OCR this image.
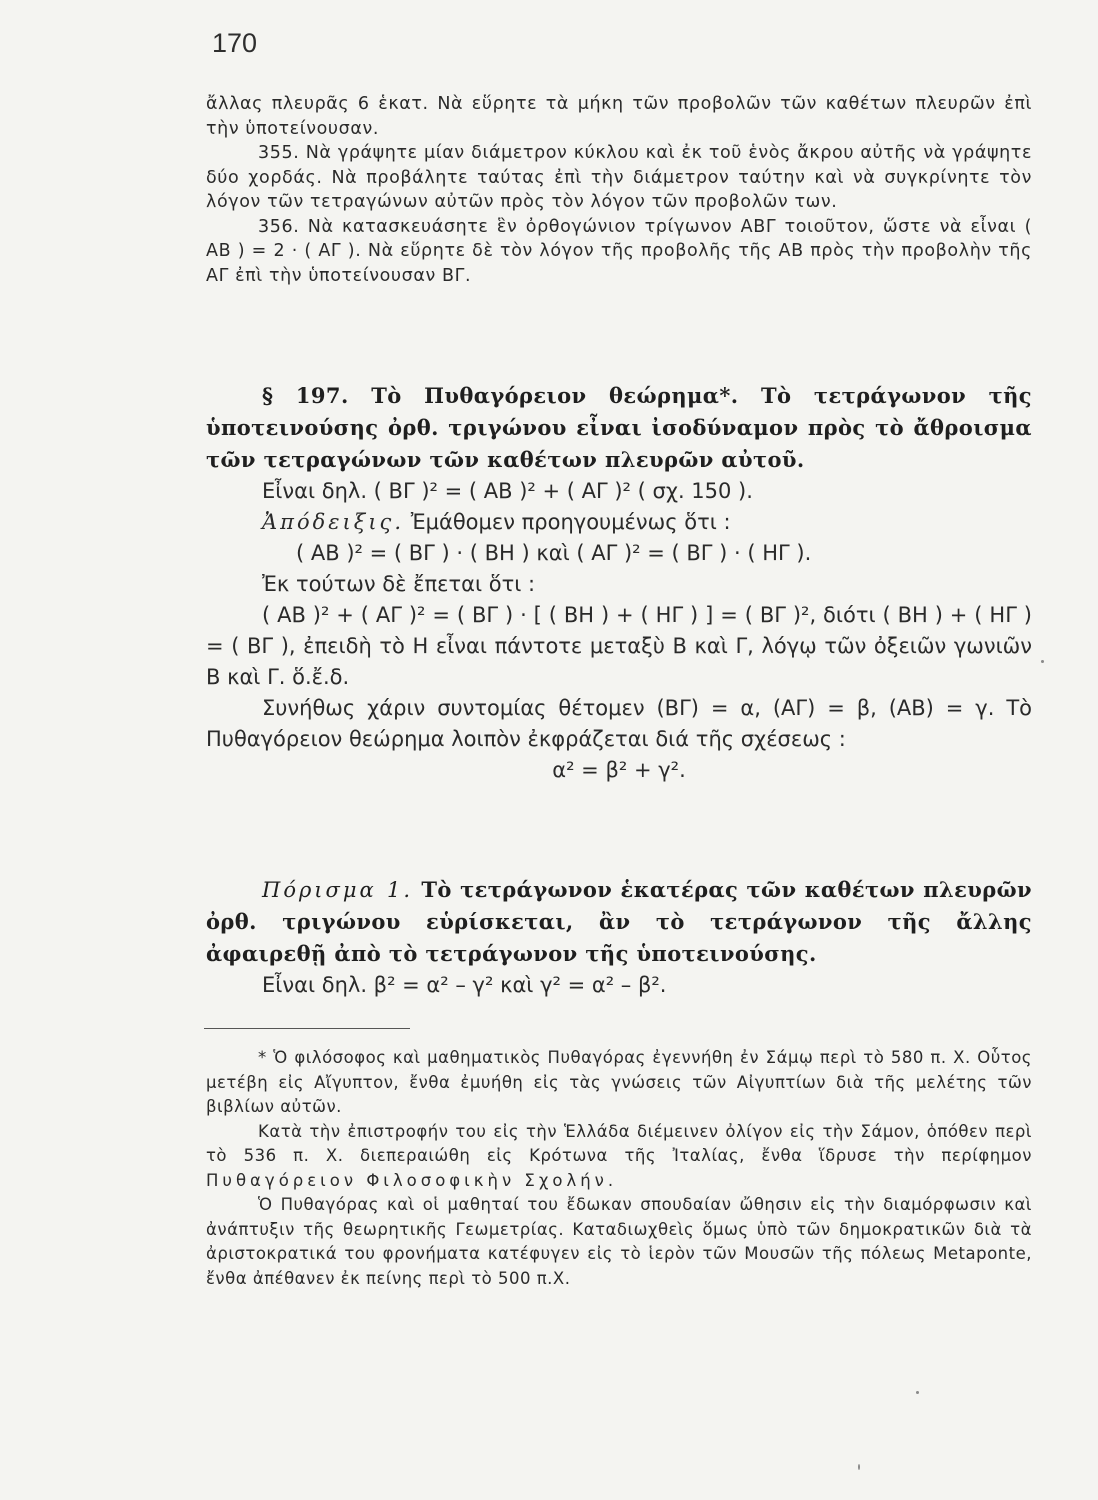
170

ἄλλας πλευρᾶς 6 ἑκατ. Νὰ εὕρητε τὰ μήκη τῶν προβολῶν τῶν καθέτων πλευρῶν ἐπὶ τὴν ὑποτείνουσαν.

355. Νὰ γράψητε μίαν διάμετρον κύκλου καὶ ἐκ τοῦ ἑνὸς ἄκρου αὐτῆς νὰ γράψητε δύο χορδάς. Νὰ προβάλητε ταύτας ἐπὶ τὴν διάμετρον ταύτην καὶ νὰ συγκρίνητε τὸν λόγον τῶν τετραγώνων αὐτῶν πρὸς τὸν λόγον τῶν προβολῶν των.

356. Νὰ κατασκευάσητε ἓν ὀρθογώνιον τρίγωνον ΑΒΓ τοιοῦτον, ὥστε νὰ εἶναι ( ΑΒ ) = 2 · ( ΑΓ ). Νὰ εὕρητε δὲ τὸν λόγον τῆς προβολῆς τῆς ΑΒ πρὸς τὴν προβολὴν τῆς ΑΓ ἐπὶ τὴν ὑποτείνουσαν ΒΓ.

§ 197. Τὸ Πυθαγόρειον θεώρημα*. Τὸ τετράγωνον τῆς ὑποτεινούσης ὀρθ. τριγώνου εἶναι ἰσοδύναμον πρὸς τὸ ἄθροισμα τῶν τετραγώνων τῶν καθέτων πλευρῶν αὐτοῦ.

Εἶναι δηλ. ( ΒΓ )² = ( ΑΒ )² + ( ΑΓ )² ( σχ. 150 ).

Ἀπόδειξις. Ἐμάθομεν προηγουμένως ὅτι :

( ΑΒ )² = ( ΒΓ ) · ( ΒΗ ) καὶ ( ΑΓ )² = ( ΒΓ ) · ( ΗΓ ).

Ἐκ τούτων δὲ ἔπεται ὅτι :

( ΑΒ )² + ( ΑΓ )² = ( ΒΓ ) · [ ( ΒΗ ) + ( ΗΓ ) ] = ( ΒΓ )², διότι ( ΒΗ ) + ( ΗΓ ) = ( ΒΓ ), ἐπειδὴ τὸ Η εἶναι πάντοτε μεταξὺ Β καὶ Γ, λόγῳ τῶν ὀξειῶν γωνιῶν Β καὶ Γ. ὅ.ἔ.δ.

Συνήθως χάριν συντομίας θέτομεν (ΒΓ) = α, (ΑΓ) = β, (ΑΒ) = γ. Τὸ Πυθαγόρειον θεώρημα λοιπὸν ἐκφράζεται διά τῆς σχέσεως :

α² = β² + γ².

Πόρισμα 1. Τὸ τετράγωνον ἑκατέρας τῶν καθέτων πλευρῶν ὀρθ. τριγώνου εὑρίσκεται, ἂν τὸ τετράγωνον τῆς ἄλλης ἀφαιρεθῇ ἀπὸ τὸ τετράγωνον τῆς ὑποτεινούσης.

Εἶναι δηλ. β² = α² – γ² καὶ γ² = α² – β².

* Ὁ φιλόσοφος καὶ μαθηματικὸς Πυθαγόρας ἐγεννήθη ἐν Σάμῳ περὶ τὸ 580 π. Χ. Οὗτος μετέβη εἰς Αἴγυπτον, ἔνθα ἐμυήθη εἰς τὰς γνώσεις τῶν Αἰγυπτίων διὰ τῆς μελέτης τῶν βιβλίων αὐτῶν.

Κατὰ τὴν ἐπιστροφήν του εἰς τὴν Ἑλλάδα διέμεινεν ὀλίγον εἰς τὴν Σάμον, ὁπόθεν περὶ τὸ 536 π. Χ. διεπεραιώθη εἰς Κρότωνα τῆς Ἰταλίας, ἔνθα ἵδρυσε τὴν περίφημον Πυθαγόρειον Φιλοσοφικὴν Σχολήν.

Ὁ Πυθαγόρας καὶ οἱ μαθηταί του ἔδωκαν σπουδαίαν ὤθησιν εἰς τὴν διαμόρφωσιν καὶ ἀνάπτυξιν τῆς θεωρητικῆς Γεωμετρίας. Καταδιωχθεὶς ὅμως ὑπὸ τῶν δημοκρατικῶν διὰ τὰ ἀριστοκρατικά του φρονήματα κατέφυγεν εἰς τὸ ἱερὸν τῶν Μουσῶν τῆς πόλεως Metaponte, ἔνθα ἀπέθανεν ἐκ πείνης περὶ τὸ 500 π.Χ.
